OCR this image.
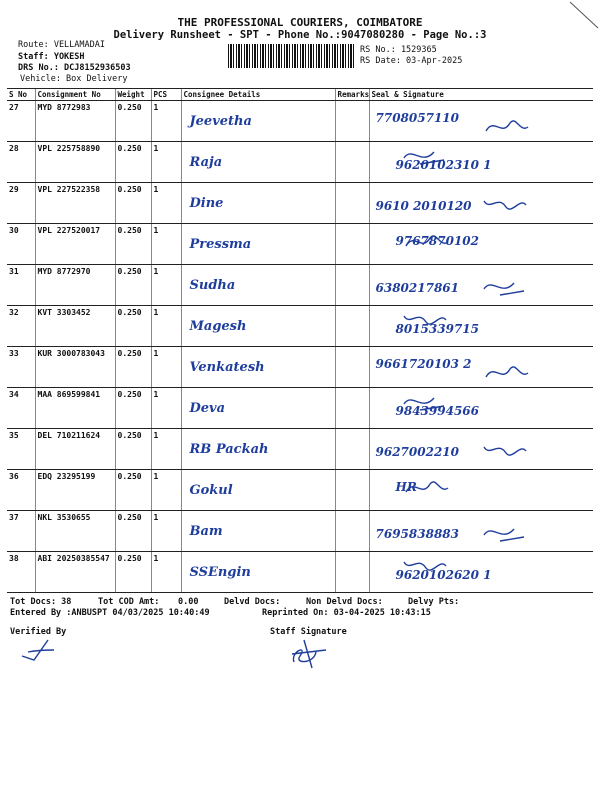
THE PROFESSIONAL COURIERS, COIMBATORE
Delivery Runsheet - SPT - Phone No.:9047080280 - Page No.:3
Route: VELLAMADAI
Staff: YOKESH
DRS No.: DCJ8152936503
Vehicle: Box Delivery
RS No.: 1529365
RS Date: 03-Apr-2025
S No	Consignment No	Weight	PCS	Consignee Details	Remarks	Seal & Signature
27	MYD 8772983	0.250	1	Jeevetha		7708057110

28	VPL 225758890	0.250	1	Raja		9620102310 1

29	VPL 227522358	0.250	1	Dine		9610 2010120

30	VPL 227520017	0.250	1	Pressma		9767870102

31	MYD 8772970	0.250	1	Sudha		6380217861

32	KVT 3303452	0.250	1	Magesh		8015339715

33	KUR 3000783043	0.250	1	Venkatesh		9661720103 2

34	MAA 869599841	0.250	1	Deva		9843994566

35	DEL 710211624	0.250	1	RB Packah		9627002210

36	EDQ 23295199	0.250	1	Gokul		HR

37	NKL 3530655	0.250	1	Bam		7695838883

38	ABI 20250385547	0.250	1	SSEngin		9620102620 1
Tot Docs: 38	Tot COD Amt: 0.00	Delvd Docs:	Non Delvd Docs:	Delvy Pts:
Entered By :ANBUSPT 04/03/2025 10:40:49	Reprinted On: 03-04-2025 10:43:15
Verified By	Staff Signature
